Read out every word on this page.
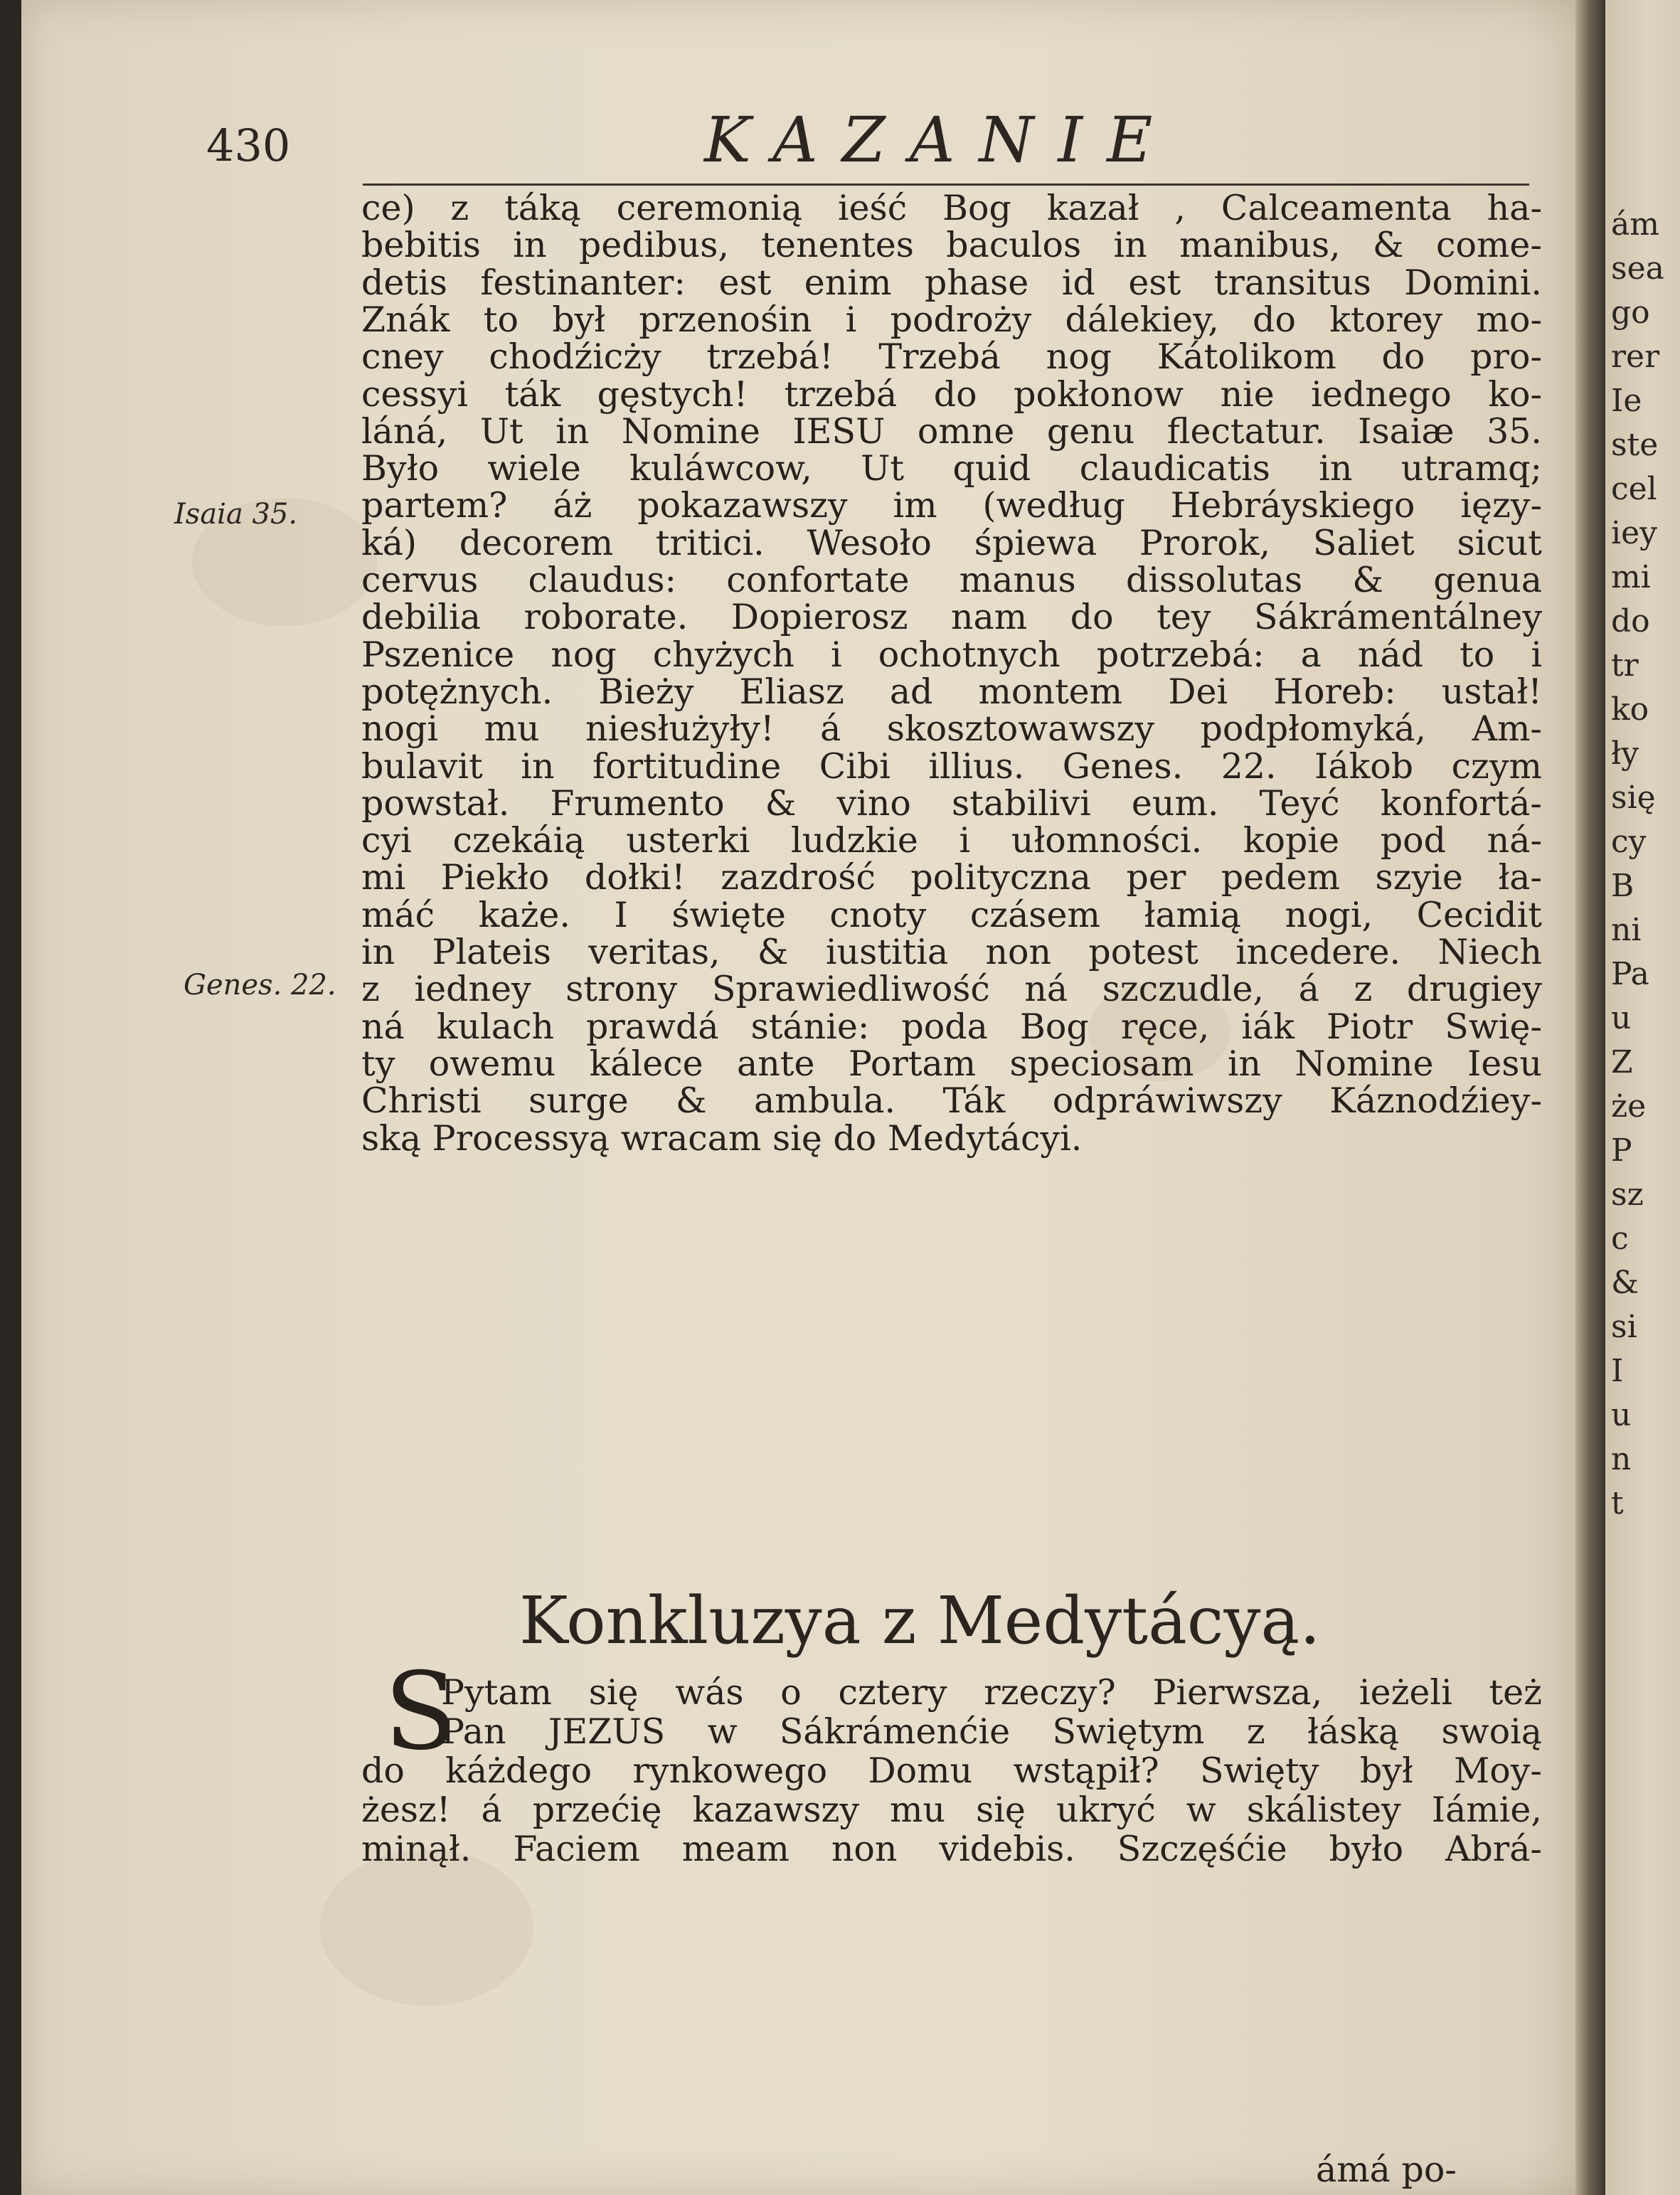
ám
sea
go
rer
Ie
ste
cel
iey
mi
do
tr
ko
ły
się
cy
B
ni
Pa
u
Z
że
P
sz
c
&
si
I
u
n
t
430	KAZANIE
Isaia 35.
Genes. 22.
ce) z táką ceremonią ieść Bog kazał , Calceamenta ha-
bebitis in pedibus, tenentes baculos in manibus, & come-
detis festinanter: est enim phase id est transitus Domini.
Znák to był przenośin i podroży dálekiey, do ktorey mo-
cney chodźicży trzebá! Trzebá nog Kátolikom do pro-
cessyi ták gęstych! trzebá do pokłonow nie iednego ko-
láná, Ut in Nomine IESU omne genu flectatur. Isaiæ 35.
Było wiele kuláwcow, Ut quid claudicatis in utramq;
partem? áż pokazawszy im (według Hebráyskiego ięzy-
ká) decorem tritici. Wesoło śpiewa Prorok, Saliet sicut
cervus claudus: confortate manus dissolutas & genua
debilia roborate. Dopierosz nam do tey Sákrámentálney
Pszenice nog chyżych i ochotnych potrzebá: a nád to i
potężnych. Bieży Eliasz ad montem Dei Horeb: ustał!
nogi mu niesłużyły! á skosztowawszy podpłomyká, Am-
bulavit in fortitudine Cibi illius. Genes. 22. Iákob czym
powstał. Frumento & vino stabilivi eum. Teyć konfortá-
cyi czekáią usterki ludzkie i ułomności. kopie pod ná-
mi Piekło dołki! zazdrość polityczna per pedem szyie ła-
máć każe. I święte cnoty czásem łamią nogi, Cecidit
in Plateis veritas, & iustitia non potest incedere. Niech
z iedney strony Sprawiedliwość ná szczudle, á z drugiey
ná kulach prawdá stánie: poda Bog ręce, iák Piotr Swię-
ty owemu kálece ante Portam speciosam in Nomine Iesu
Christi surge & ambula. Ták odpráwiwszy Káznodźiey-
ską Processyą wracam się do Medytácyi.
Konkluzya z Medytácyą.
S
Pytam się wás o cztery rzeczy? Pierwsza, ieżeli też
Pan JEZUS w Sákrámenćie Swiętym z łáską swoią
do káżdego rynkowego Domu wstąpił? Swięty był Moy-
żesz! á przećię kazawszy mu się ukryć w skálistey Iámie,
minął. Faciem meam non videbis. Szczęśćie było Abrá-
ámá po-
